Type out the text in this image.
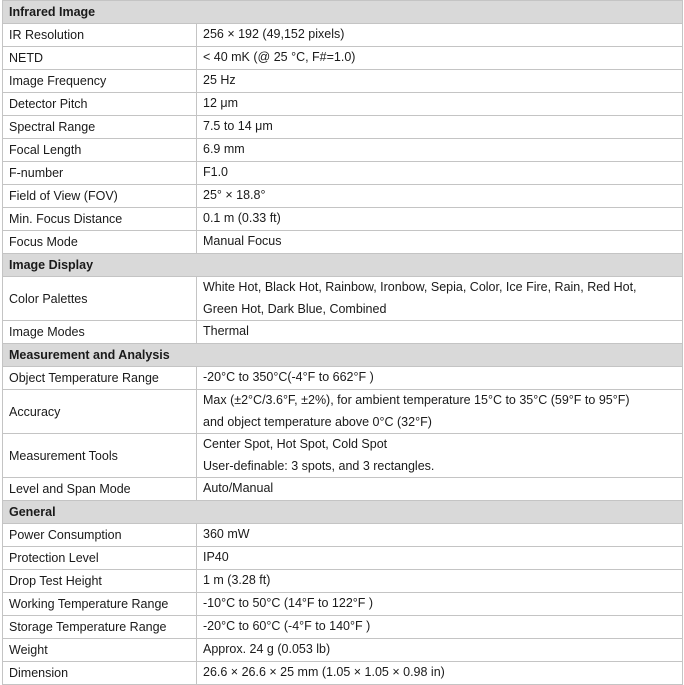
Infrared Image	
IR Resolution	256 × 192 (49,152 pixels)

NETD	< 40 mK (@ 25 °C, F#=1.0)

Image Frequency	25 Hz

Detector Pitch	12 μm

Spectral Range	7.5 to 14 μm

Focal Length	6.9 mm

F-number	F1.0

Field of View (FOV)	25° × 18.8°

Min. Focus Distance	0.1 m (0.33 ft)

Focus Mode	Manual Focus

Image Display	
Color Palettes	White Hot, Black Hot, Rainbow, Ironbow, Sepia, Color, Ice Fire, Rain, Red Hot,
Green Hot, Dark Blue, Combined

Image Modes	Thermal

Measurement and Analysis	
Object Temperature Range	-20°C to 350°C(-4°F to 662°F )

Accuracy	Max (±2°C/3.6°F, ±2%), for ambient temperature 15°C to 35°C (59°F to 95°F)
and object temperature above 0°C (32°F)

Measurement Tools	Center Spot, Hot Spot, Cold Spot
User-definable: 3 spots, and 3 rectangles.

Level and Span Mode	Auto/Manual

General	
Power Consumption	360 mW

Protection Level	IP40

Drop Test Height	1 m (3.28 ft)

Working Temperature Range	-10°C to 50°C (14°F to 122°F )

Storage Temperature Range	-20°C to 60°C (-4°F to 140°F )

Weight	Approx. 24 g (0.053 lb)

Dimension	26.6 × 26.6 × 25 mm (1.05 × 1.05 × 0.98 in)
